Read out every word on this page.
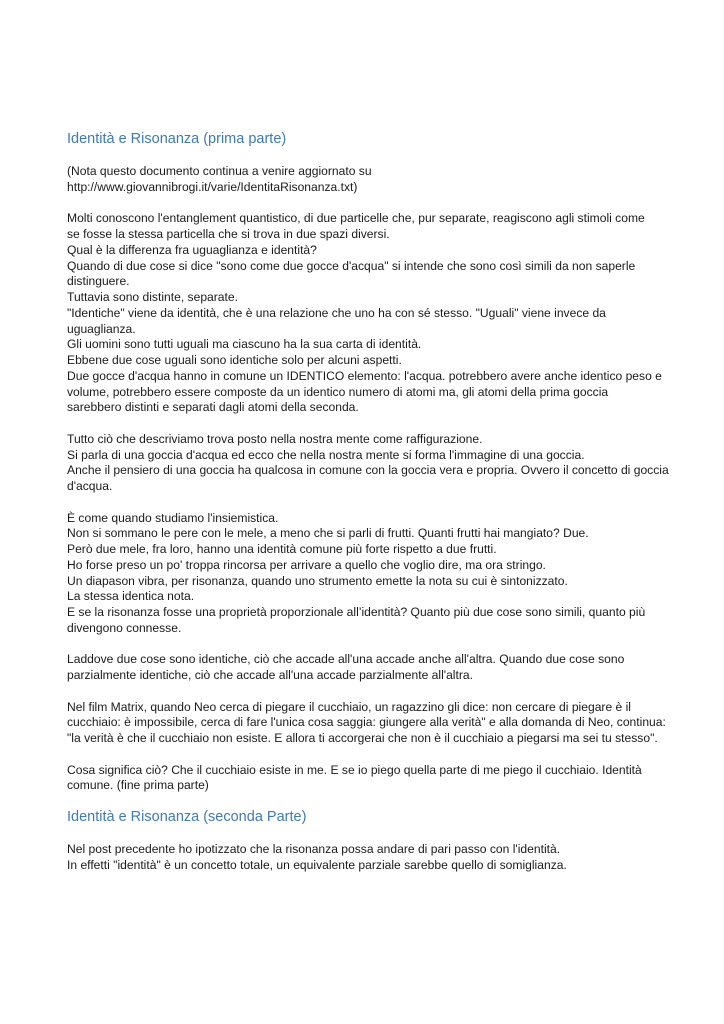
Identità e Risonanza (prima parte)

(Nota questo documento continua a venire aggiornato su
http://www.giovannibrogi.it/varie/IdentitaRisonanza.txt)

Molti conoscono l'entanglement quantistico, di due particelle che, pur separate, reagiscono agli stimoli come
se fosse la stessa particella che si trova in due spazi diversi.
Qual è la differenza fra uguaglianza e identità?
Quando di due cose si dice "sono come due gocce d'acqua" si intende che sono così simili da non saperle
distinguere.
Tuttavia sono distinte, separate.
"Identiche" viene da identità, che è una relazione che uno ha con sé stesso. "Uguali" viene invece da
uguaglianza.
Gli uomini sono tutti uguali ma ciascuno ha la sua carta di identità.
Ebbene due cose uguali sono identiche solo per alcuni aspetti.
Due gocce d'acqua hanno in comune un IDENTICO elemento: l'acqua. potrebbero avere anche identico peso e
volume, potrebbero essere composte da un identico numero di atomi ma, gli atomi della prima goccia
sarebbero distinti e separati dagli atomi della seconda.

Tutto ciò che descriviamo trova posto nella nostra mente come raffigurazione.
Si parla di una goccia d'acqua ed ecco che nella nostra mente si forma l'immagine di una goccia.
Anche il pensiero di una goccia ha qualcosa in comune con la goccia vera e propria. Ovvero il concetto di goccia
d'acqua.

È come quando studiamo l'insiemistica.
Non si sommano le pere con le mele, a meno che si parli di frutti. Quanti frutti hai mangiato? Due.
Però due mele, fra loro, hanno una identità comune più forte rispetto a due frutti.
Ho forse preso un po' troppa rincorsa per arrivare a quello che voglio dire, ma ora stringo.
Un diapason vibra, per risonanza, quando uno strumento emette la nota su cui è sintonizzato.
La stessa identica nota.
E se la risonanza fosse una proprietà proporzionale all’identità? Quanto più due cose sono simili, quanto più
divengono connesse.

Laddove due cose sono identiche, ciò che accade all'una accade anche all'altra. Quando due cose sono
parzialmente identiche, ciò che accade all'una accade parzialmente all'altra.

Nel film Matrix, quando Neo cerca di piegare il cucchiaio, un ragazzino gli dice: non cercare di piegare è il
cucchiaio: è impossibile, cerca di fare l'unica cosa saggia: giungere alla verità" e alla domanda di Neo, continua:
"la verità è che il cucchiaio non esiste. E allora ti accorgerai che non è il cucchiaio a piegarsi ma sei tu stesso".

Cosa significa ciò? Che il cucchiaio esiste in me. E se io piego quella parte di me piego il cucchiaio. Identità
comune. (fine prima parte)

Identità e Risonanza (seconda Parte)

Nel post precedente ho ipotizzato che la risonanza possa andare di pari passo con l'identità.
In effetti "identità" è un concetto totale, un equivalente parziale sarebbe quello di somiglianza.
